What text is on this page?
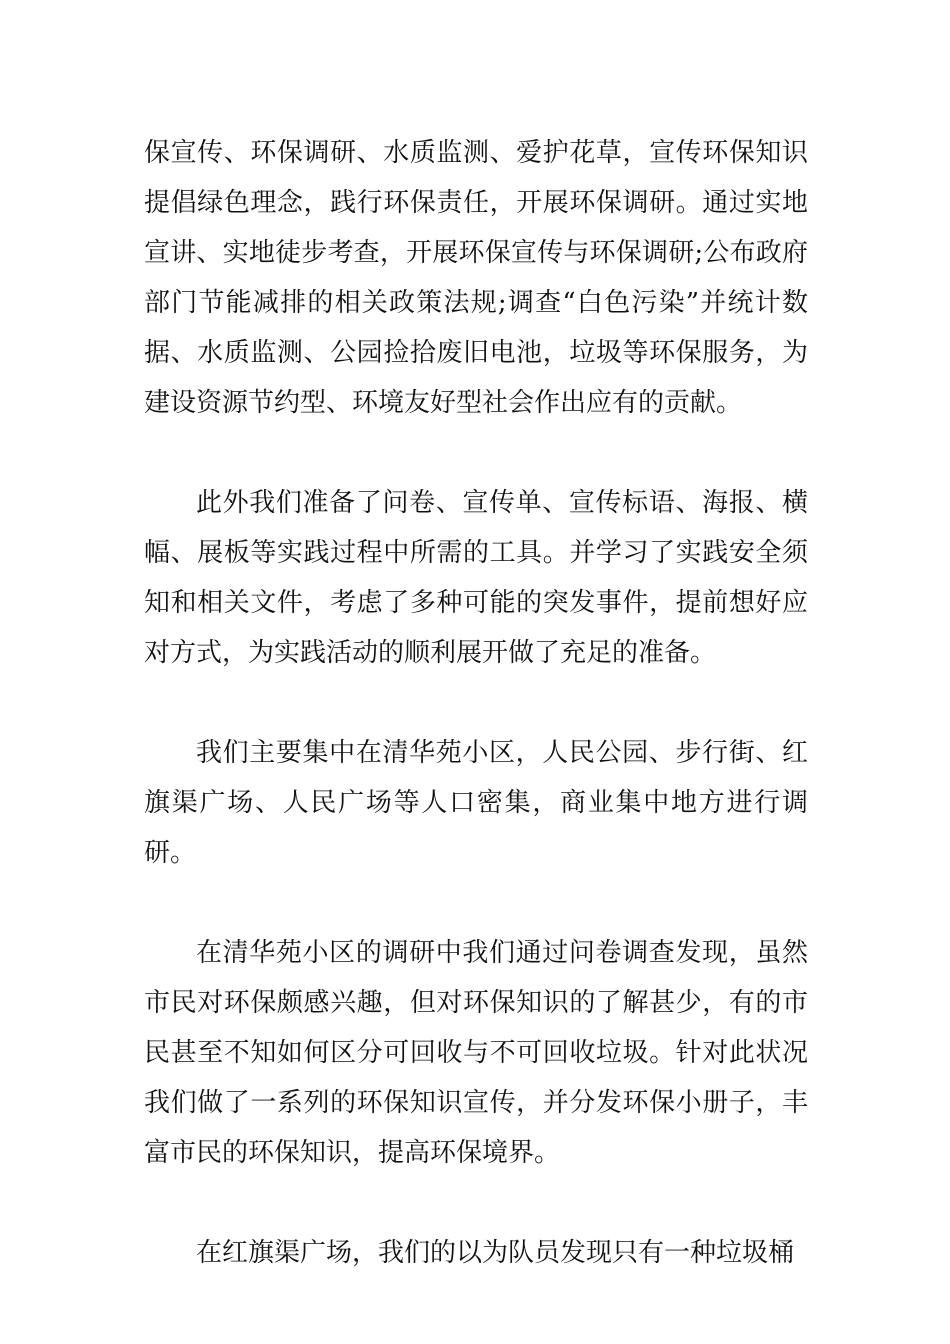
保宣传、环保调研、水质监测、爱护花草，宣传环保知识提倡绿色理念，践行环保责任，开展环保调研。通过实地宣讲、实地徒步考查，开展环保宣传与环保调研;公布政府部门节能减排的相关政策法规;调查“白色污染”并统计数据、水质监测、公园捡拾废旧电池，垃圾等环保服务，为建设资源节约型、环境友好型社会作出应有的贡献。

此外我们准备了问卷、宣传单、宣传标语、海报、横幅、展板等实践过程中所需的工具。并学习了实践安全须知和相关文件，考虑了多种可能的突发事件，提前想好应对方式，为实践活动的顺利展开做了充足的准备。

我们主要集中在清华苑小区，人民公园、步行街、红旗渠广场、人民广场等人口密集，商业集中地方进行调研。

在清华苑小区的调研中我们通过问卷调查发现，虽然市民对环保颇感兴趣，但对环保知识的了解甚少，有的市民甚至不知如何区分可回收与不可回收垃圾。针对此状况我们做了一系列的环保知识宣传，并分发环保小册子，丰富市民的环保知识，提高环保境界。

在红旗渠广场，我们的以为队员发现只有一种垃圾桶
